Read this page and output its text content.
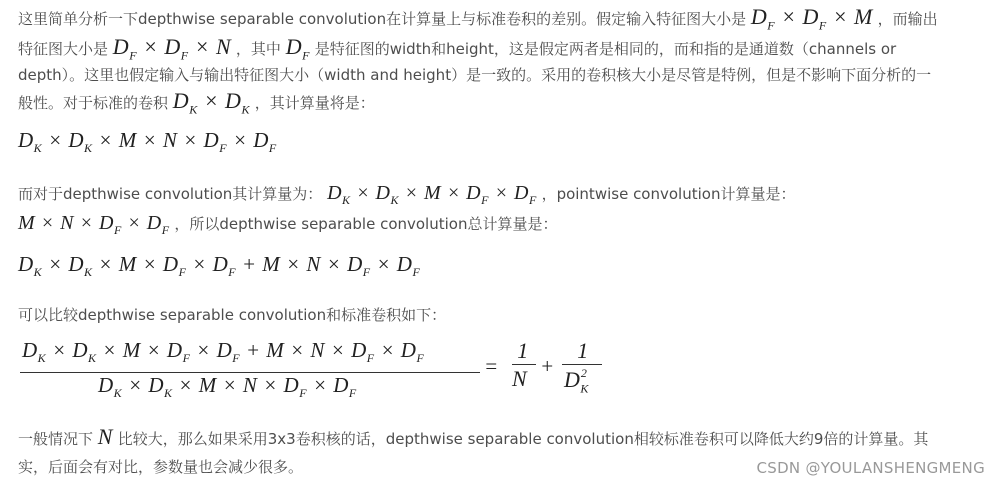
这里简单分析一下depthwise separable convolution在计算量上与标准卷积的差别。假定输入特征图大小是 $D_F \times D_F \times M$ ，而输出
特征图大小是 $D_F \times D_F \times N$ ，其中 $D_F$ 是特征图的width和height，这是假定两者是相同的，而和指的是通道数（channels or
depth）。这里也假定输入与输出特征图大小（width and height）是一致的。采用的卷积核大小是尽管是特例，但是不影响下面分析的一
般性。对于标准的卷积 $D_K \times D_K$ ，其计算量将是：
$D_K \times D_K \times M \times N \times D_F \times D_F$
而对于depthwise convolution其计算量为： $D_K \times D_K \times M \times D_F \times D_F$ ，pointwise convolution计算量是：
$M \times N \times D_F \times D_F$ ，所以depthwise separable convolution总计算量是：
$D_K \times D_K \times M \times D_F \times D_F + M \times N \times D_F \times D_F$
可以比较depthwise separable convolution和标准卷积如下：
$D_K \times D_K \times M \times D_F \times D_F + M \times N \times D_F \times D_F$
$D_K \times D_K \times M \times N \times D_F \times D_F$
=
1
N +
1
$D_K^2$
一般情况下 N 比较大，那么如果采用3x3卷积核的话，depthwise separable convolution相较标准卷积可以降低大约9倍的计算量。其
实，后面会有对比，参数量也会减少很多。	CSDN @YOULANSHENGMENG
